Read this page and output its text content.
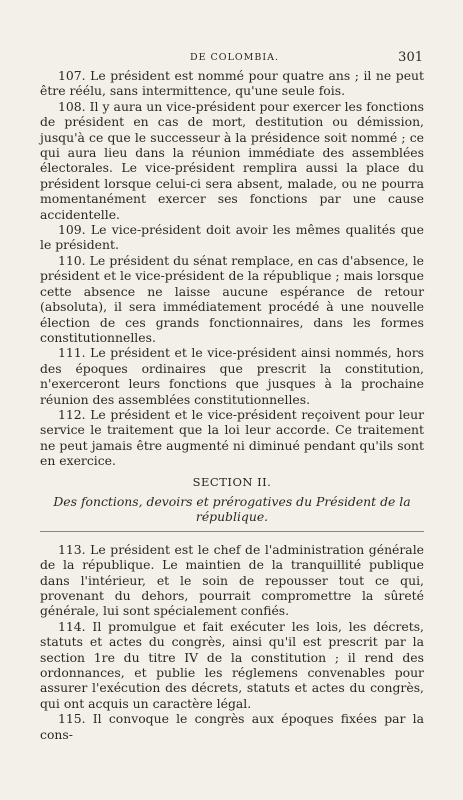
DE COLOMBIA.	301

107. Le président est nommé pour quatre ans ; il ne peut être réélu, sans intermittence, qu'une seule fois.

108. Il y aura un vice-président pour exercer les fonctions de président en cas de mort, destitution ou démission, jusqu'à ce que le successeur à la présidence soit nommé ; ce qui aura lieu dans la réunion immédiate des assemblées électorales. Le vice-président remplira aussi la place du président lorsque celui-ci sera absent, malade, ou ne pourra momentanément exercer ses fonctions par une cause accidentelle.

109. Le vice-président doit avoir les mêmes qualités que le président.

110. Le président du sénat remplace, en cas d'absence, le président et le vice-président de la république ; mais lorsque cette absence ne laisse aucune espérance de retour (absoluta), il sera immédiatement procédé à une nouvelle élection de ces grands fonctionnaires, dans les formes constitutionnelles.

111. Le président et le vice-président ainsi nommés, hors des époques ordinaires que prescrit la constitution, n'exerceront leurs fonctions que jusques à la prochaine réunion des assemblées constitutionnelles.

112. Le président et le vice-président reçoivent pour leur service le traitement que la loi leur accorde. Ce traitement ne peut jamais être augmenté ni diminué pendant qu'ils sont en exercice.

SECTION II.

Des fonctions, devoirs et prérogatives du Président de la république.

113. Le président est le chef de l'administration générale de la république. Le maintien de la tranquillité publique dans l'intérieur, et le soin de repousser tout ce qui, provenant du dehors, pourrait compromettre la sûreté générale, lui sont spécialement confiés.

114. Il promulgue et fait exécuter les lois, les décrets, statuts et actes du congrès, ainsi qu'il est prescrit par la section 1re du titre IV de la constitution ; il rend des ordonnances, et publie les réglemens convenables pour assurer l'exécution des décrets, statuts et actes du congrès, qui ont acquis un caractère légal.

115. Il convoque le congrès aux époques fixées par la cons-
